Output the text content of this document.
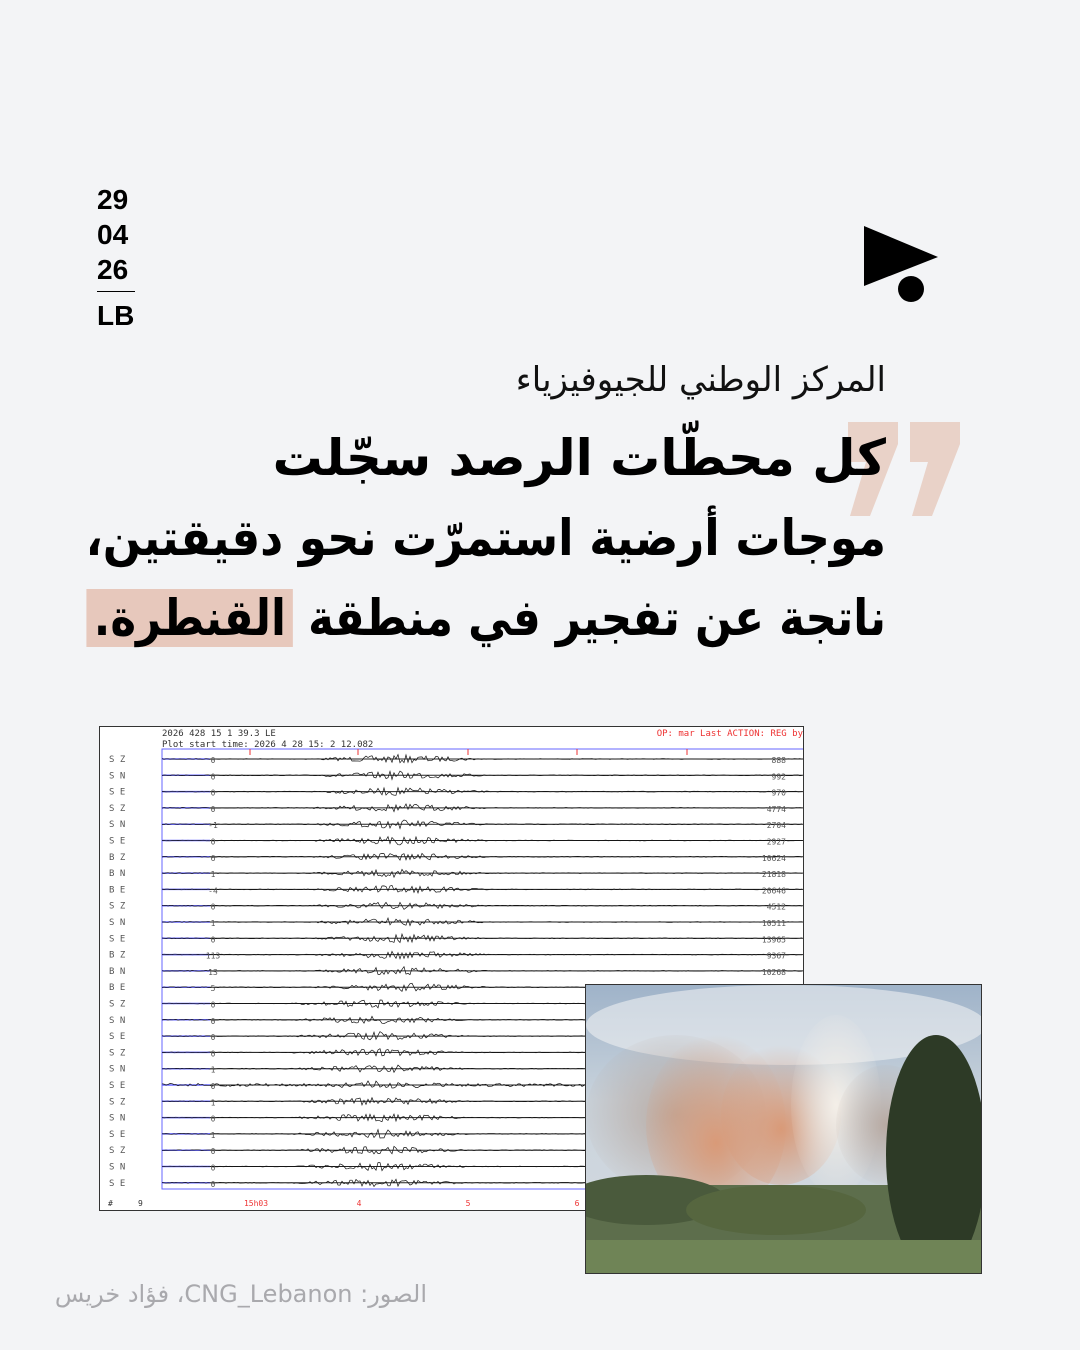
29
04
26
LB
المركز الوطني للجيوفيزياء
كل محطّات الرصد سجّلت
موجات أرضية استمرّت نحو دقيقتين،
ناتجة عن تفجير في منطقة القنطرة.
2026 428 15 1 39.3 LE
Plot start time: 2026 4 28 15: 2 12.082
OP: mar Last ACTION: REG by
S Z	0	888
S N	0	992
S E	0	970
S Z	0	4774
S N	-1	2704
S E	0	2927
B Z	6	10624
B N	1	21818
B E	-4	20646
S Z	0	4512
S N	1	10511
S E	0	13965
B Z	113	9367
B N	13	10268
B E	5
S Z	0
S N	0
S E	0
S Z	0
S N	1
S E	0
S Z	1
S N	0
S E	1
S Z	0
S N	0
S E	0
#	9	15h03	4	5	6
الصور: CNG_Lebanon، فؤاد خريس
